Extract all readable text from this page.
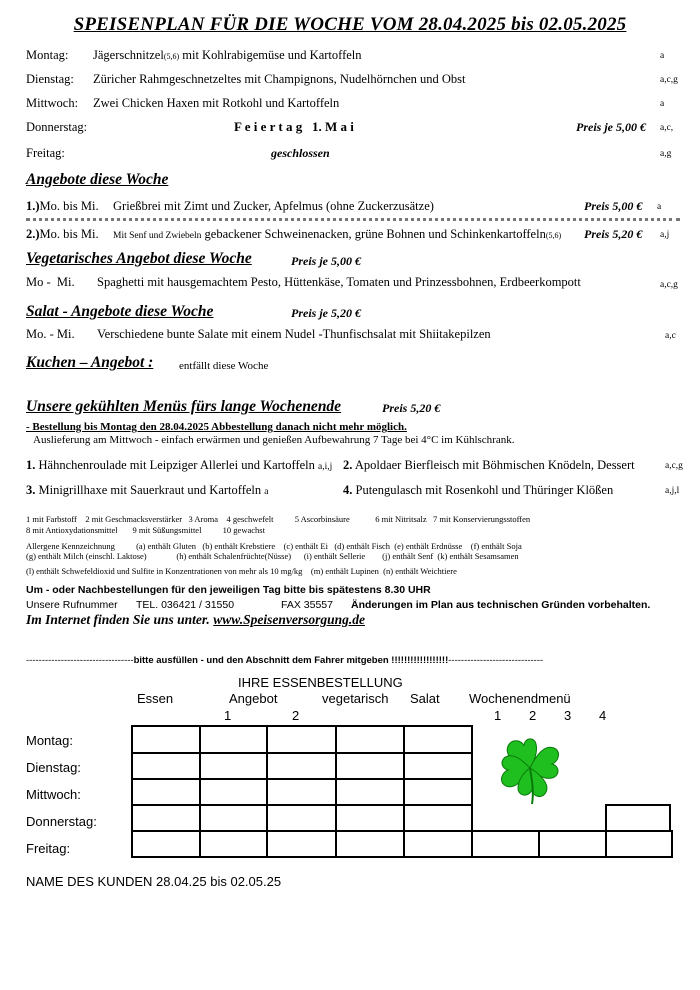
SPEISENPLAN FÜR DIE WOCHE VOM 28.04.2025 bis 02.05.2025
Montag: Jägerschnitzel(5,6) mit Kohlrabigemüse und Kartoffeln	a
Dienstag: Züricher Rahmgeschnetzeltes mit Champignons, Nudelhörnchen und Obst	a,c,g
Mittwoch: Zwei Chicken Haxen mit Rotkohl und Kartoffeln	a
Donnerstag:	F e i e r t a g   1. M a i	Preis je 5,00 € a,c,
Freitag:	geschlossen	a,g
Angebote diese Woche
1.)Mo. bis Mi. Grießbrei mit Zimt und Zucker, Apfelmus (ohne Zuckerzusätze)	Preis 5,00 € a
2.)Mo. bis Mi. Mit Senf und Zwiebeln gebackener Schweinenacken, grüne Bohnen und Schinkenkartoffeln(5,6) Preis 5,20 € a,j
Vegetarisches Angebot diese Woche	Preis je 5,00 €
Mo -  Mi. Spaghetti mit hausgemachtem Pesto, Hüttenkäse, Tomaten und Prinzessbohnen, Erdbeerkompott	a,c,g
Salat - Angebote diese Woche	Preis je 5,20 €
Mo. - Mi. Verschiedene bunte Salate mit einem Nudel -Thunfischsalat mit Shiitakepilzen	a,c
Kuchen – Angebot : entfällt diese Woche
Unsere gekühlten Menüs fürs lange Wochenende	Preis 5,20 €
- Bestellung bis Montag den 28.04.2025 Abbestellung danach nicht mehr möglich.
Auslieferung am Mittwoch - einfach erwärmen und genießen Aufbewahrung 7 Tage bei 4°C im Kühlschrank.
1. Hähnchenroulade mit Leipziger Allerlei und Kartoffeln a,i,j 2. Apoldaer Bierfleisch mit Böhmischen Knödeln, Dessert	a,c,g
3. Minigrillhaxe mit Sauerkraut und Kartoffeln a	4. Putengulasch mit Rosenkohl und Thüringer Klößen	a,j,l
1 mit Farbstoff    2 mit Geschmacksverstärker   3 Aroma    4 geschwefelt          5 Ascorbinsäure            6 mit Nitritsalz   7 mit Konservierungsstoffen
8 mit Antioxydationsmittel       9 mit Süßungsmittel          10 gewachst
Allergene Kennzeichnung          (a) enthält Gluten   (b) enthält Krebstiere    (c) enthält Ei   (d) enthält Fisch  (e) enthält Erdnüsse    (f) enthält Soja
(g) enthält Milch (einschl. Laktose)              (h) enthält Schalenfrüchte(Nüsse)      (i) enthält Sellerie        (j) enthält Senf  (k) enthält Sesamsamen
(l) enthält Schwefeldioxid und Sulfite in Konzentrationen von mehr als 10 mg/kg    (m) enthält Lupinen  (n) enthält Weichtiere
Um - oder Nachbestellungen für den jeweiligen Tag bitte bis spätestens 8.30 UHR
Unsere Rufnummer TEL. 036421 / 31550	FAX 35557 Änderungen im Plan aus technischen Gründen vorbehalten.
Im Internet finden Sie uns unter. www.Speisenversorgung.de
----------------------------------bitte ausfüllen - und den Abschnitt dem Fahrer mitgeben !!!!!!!!!!!!!!!!!!------------------------------
IHRE ESSENBESTELLUNG
Essen	Angebot	vegetarisch Salat Wochenendmenü
1	2	1 2 3 4
Montag:
Dienstag:
Mittwoch:
Donnerstag:
Freitag:
NAME DES KUNDEN 28.04.25 bis 02.05.25
